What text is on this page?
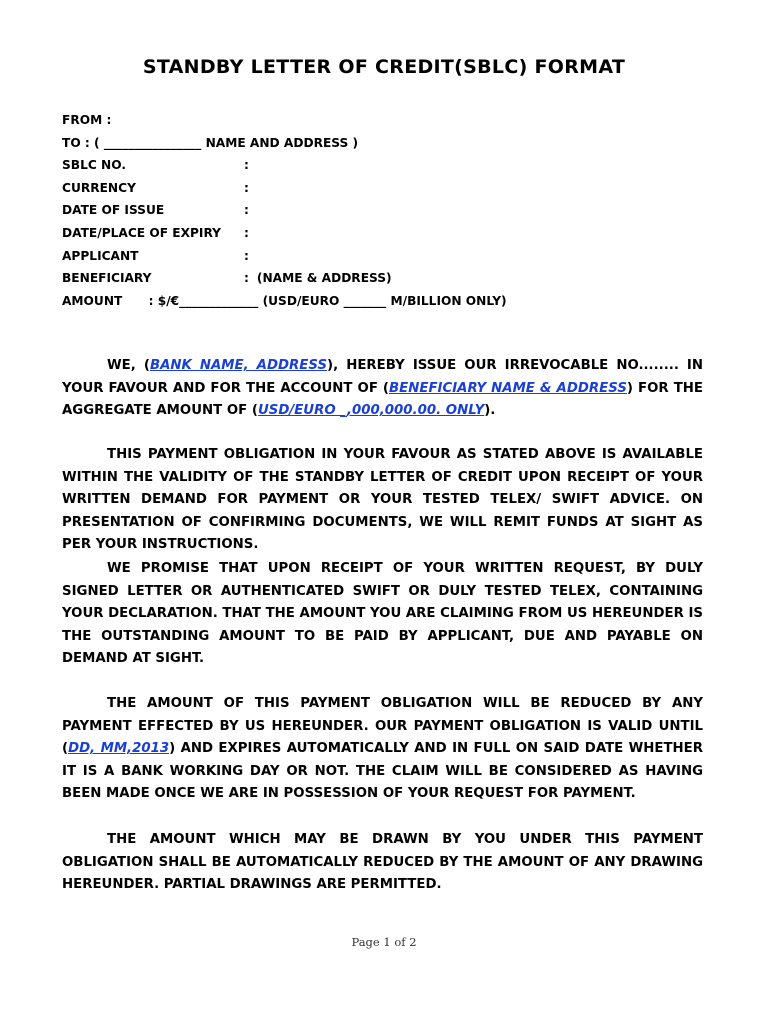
STANDBY LETTER OF CREDIT(SBLC) FORMAT
FROM :
TO : ( ________________ NAME AND ADDRESS )
SBLC NO.	:
CURRENCY	:
DATE OF ISSUE	:
DATE/PLACE OF EXPIRY :
APPLICANT	:
BENEFICIARY	: (NAME & ADDRESS)
AMOUNT : $/€_____________ (USD/EURO _______ M/BILLION ONLY)

WE, (BANK NAME, ADDRESS), HEREBY ISSUE OUR IRREVOCABLE NO........ IN YOUR FAVOUR AND FOR THE ACCOUNT OF (BENEFICIARY NAME & ADDRESS) FOR THE AGGREGATE AMOUNT OF (USD/EURO _,000,000.00. ONLY).

THIS PAYMENT OBLIGATION IN YOUR FAVOUR AS STATED ABOVE IS AVAILABLE WITHIN THE VALIDITY OF THE STANDBY LETTER OF CREDIT UPON RECEIPT OF YOUR WRITTEN DEMAND FOR PAYMENT OR YOUR TESTED TELEX/ SWIFT ADVICE. ON PRESENTATION OF CONFIRMING DOCUMENTS, WE WILL REMIT FUNDS AT SIGHT AS PER YOUR INSTRUCTIONS.

WE PROMISE THAT UPON RECEIPT OF YOUR WRITTEN REQUEST, BY DULY SIGNED LETTER OR AUTHENTICATED SWIFT OR DULY TESTED TELEX, CONTAINING YOUR DECLARATION. THAT THE AMOUNT YOU ARE CLAIMING FROM US HEREUNDER IS THE OUTSTANDING AMOUNT TO BE PAID BY APPLICANT, DUE AND PAYABLE ON DEMAND AT SIGHT.

THE AMOUNT OF THIS PAYMENT OBLIGATION WILL BE REDUCED BY ANY PAYMENT EFFECTED BY US HEREUNDER. OUR PAYMENT OBLIGATION IS VALID UNTIL (DD, MM,2013) AND EXPIRES AUTOMATICALLY AND IN FULL ON SAID DATE WHETHER IT IS A BANK WORKING DAY OR NOT. THE CLAIM WILL BE CONSIDERED AS HAVING BEEN MADE ONCE WE ARE IN POSSESSION OF YOUR REQUEST FOR PAYMENT.

THE AMOUNT WHICH MAY BE DRAWN BY YOU UNDER THIS PAYMENT OBLIGATION SHALL BE AUTOMATICALLY REDUCED BY THE AMOUNT OF ANY DRAWING HEREUNDER. PARTIAL DRAWINGS ARE PERMITTED.

Page 1 of 2
